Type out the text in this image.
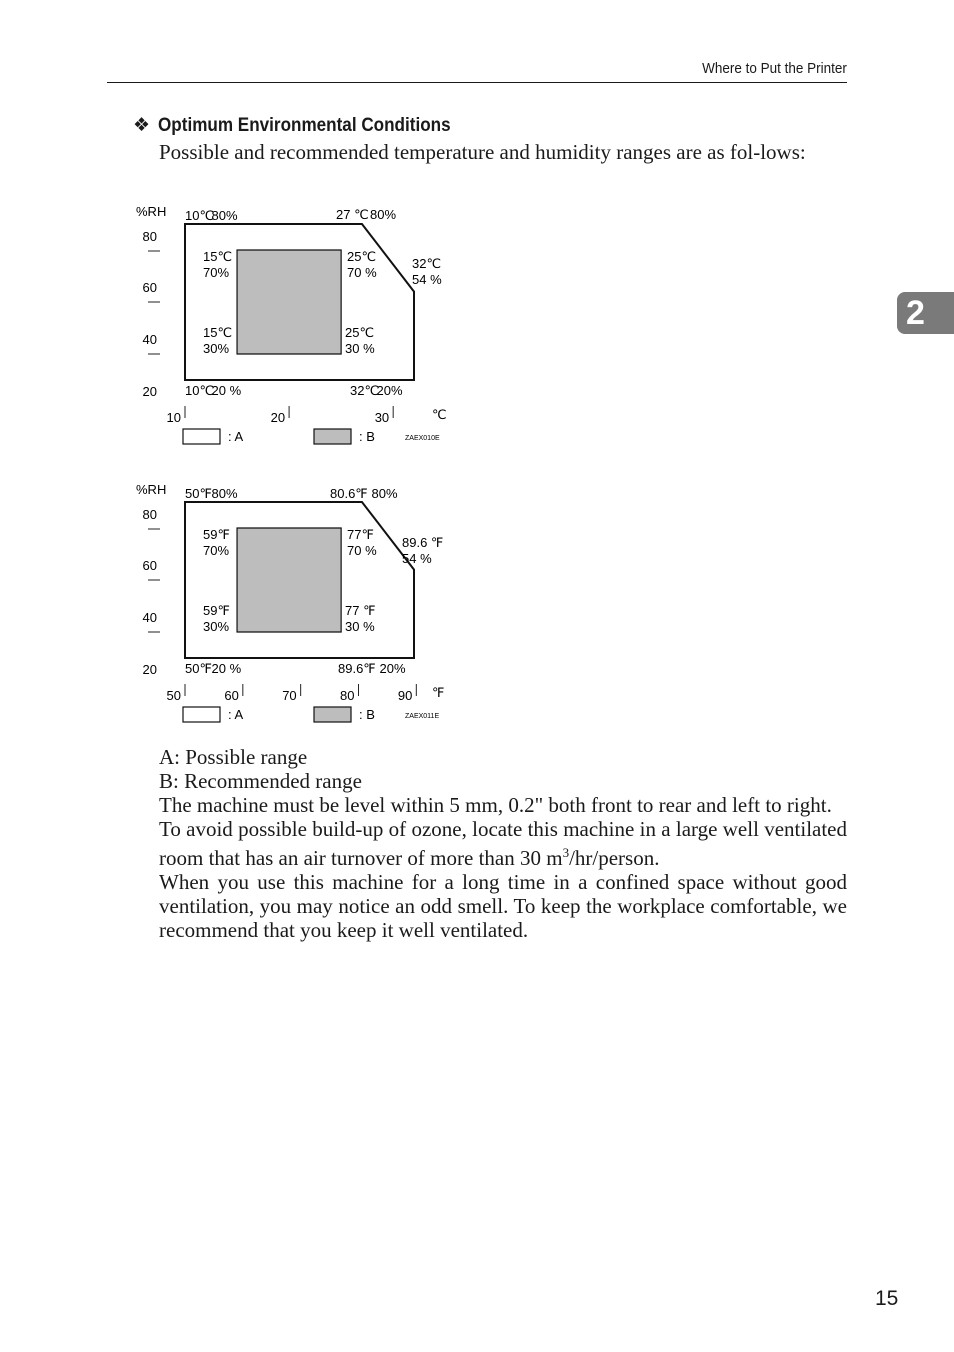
Where to Put the Printer
2
❖ Optimum Environmental Conditions

Possible and recommended temperature and humidity ranges are as fol-lows:

%RH
80
60
40
20
10	20	30	℃
10℃
80%	27 ℃ 80%
32℃
54 %
10℃
20 %	32℃
20%
15℃
70%
25℃
70 %
15℃
30%
25℃
30 %
: A	: B	ZAEX010E
%RH
80
60
40
20
50	60	70	80	90 ℉
50℉ 80%	80.6℉ 80%
89.6 ℉
54 %
50℉ 20 %	89.6℉ 20%
59℉
70%
77℉
70 %
59℉
30%
77 ℉
30 %
: A	: B	ZAEX011E

A: Possible range

B: Recommended range

The machine must be level within 5 mm, 0.2" both front to rear and left to right.

To avoid possible build-up of ozone, locate this machine in a large well ventilated room that has an air turnover of more than 30 $m^3/hr$/person.

When you use this machine for a long time in a confined space without good ventilation, you may notice an odd smell. To keep the workplace comfortable, we recommend that you keep it well ventilated.

15
